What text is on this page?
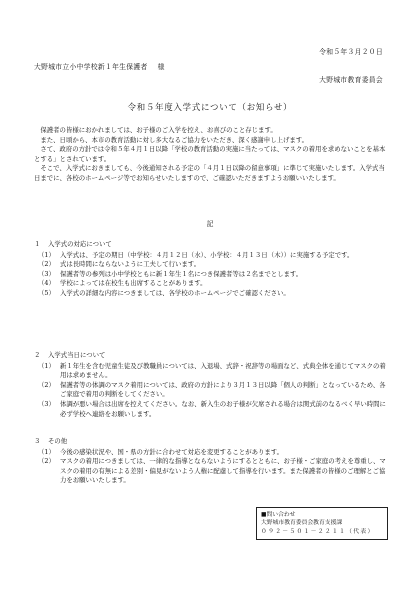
令和５年３月２０日
大野城市立小中学校新１年生保護者 様
大野城市教育委員会
令和５年度入学式について（お知らせ）

保護者の皆様におかれましては、お子様のご入学を控え、お喜びのこと存じます。

また、日頃から、本市の教育活動に対し多大なるご協力をいただき、深く感謝申し上げます。

さて、政府の方針では令和５年４月１日以降「学校の教育活動の実施に当たっては、マスクの着用を求めないことを基本とする」とされています。

そこで、入学式におきましても、今後通知される予定の「４月１日以降の留意事項」に準じて実施いたします。入学式当日までに、各校のホームページ等でお知らせいたしますので、ご確認いただきますようお願いいたします。

記
１ 入学式の対応について
（1） 入学式は、予定の期日（中学校：４月１２日（水）、小学校：４月１３日（木））に実施する予定です。
（2） 式は長時間にならないように工夫して行います。
（3） 保護者等の参列は小中学校ともに新１年生１名につき保護者等は２名までとします。
（4） 学校によっては在校生も出席することがあります。
（5） 入学式の詳細な内容につきましては、各学校のホームページでご確認ください。
２ 入学式当日について
（1） 新１年生を含む児童生徒及び教職員については、入退場、式辞・祝辞等の場面など、式典全体を通じてマスクの着用は求めません。
（2） 保護者等の体調のマスク着用については、政府の方針により３月１３日以降「個人の判断」となっているため、各ご家庭で着用の判断をしてください。
（3） 体調が悪い場合は出席を控えてください。なお、新入生のお子様が欠席される場合は関式前のなるべく早い時間に必ず学校へ連絡をお願いします。
３ その他
（1） 今後の感染状況や、国・県の方針に合わせて対応を変更することがあります。
（2） マスクの着用につきましては、一律的な指導とならないようにするとともに、お子様・ご家庭の考えを尊重し、マスクの着用の有無による差別・偏見がないよう人権に配慮して指導を行います。また保護者の皆様のご理解とご協力をお願いいたします。
■問い合わせ
大野城市教育委員会教育支援課
０９２－５０１－２２１１（代表）
